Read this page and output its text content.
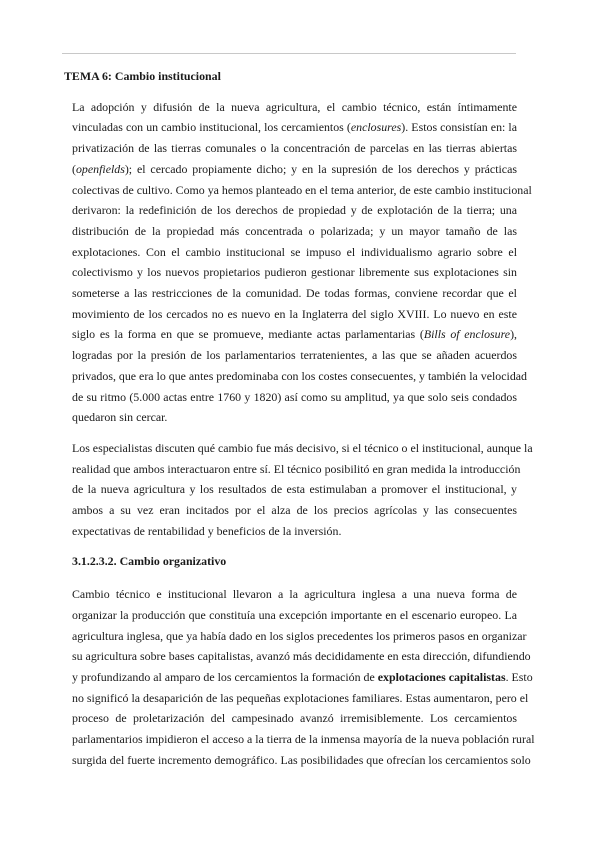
TEMA 6: Cambio institucional
La adopción y difusión de la nueva agricultura, el cambio técnico, están íntimamente
vinculadas con un cambio institucional, los cercamientos (enclosures). Estos consistían en: la
privatización de las tierras comunales o la concentración de parcelas en las tierras abiertas
(openfields); el cercado propiamente dicho; y en la supresión de los derechos y prácticas
colectivas de cultivo. Como ya hemos planteado en el tema anterior, de este cambio institucional
derivaron: la redefinición de los derechos de propiedad y de explotación de la tierra; una
distribución de la propiedad más concentrada o polarizada; y un mayor tamaño de las
explotaciones. Con el cambio institucional se impuso el individualismo agrario sobre el
colectivismo y los nuevos propietarios pudieron gestionar libremente sus explotaciones sin
someterse a las restricciones de la comunidad. De todas formas, conviene recordar que el
movimiento de los cercados no es nuevo en la Inglaterra del siglo XVIII. Lo nuevo en este
siglo es la forma en que se promueve, mediante actas parlamentarias (Bills of enclosure),
logradas por la presión de los parlamentarios terratenientes, a las que se añaden acuerdos
privados, que era lo que antes predominaba con los costes consecuentes, y también la velocidad
de su ritmo (5.000 actas entre 1760 y 1820) así como su amplitud, ya que solo seis condados
quedaron sin cercar.
Los especialistas discuten qué cambio fue más decisivo, si el técnico o el institucional, aunque la
realidad que ambos interactuaron entre sí. El técnico posibilitó en gran medida la introducción
de la nueva agricultura y los resultados de esta estimulaban a promover el institucional, y
ambos a su vez eran incitados por el alza de los precios agrícolas y las consecuentes
expectativas de rentabilidad y beneficios de la inversión.
3.1.2.3.2. Cambio organizativo
Cambio técnico e institucional llevaron a la agricultura inglesa a una nueva forma de
organizar la producción que constituía una excepción importante en el escenario europeo. La
agricultura inglesa, que ya había dado en los siglos precedentes los primeros pasos en organizar
su agricultura sobre bases capitalistas, avanzó más decididamente en esta dirección, difundiendo
y profundizando al amparo de los cercamientos la formación de explotaciones capitalistas. Esto
no significó la desaparición de las pequeñas explotaciones familiares. Estas aumentaron, pero el
proceso de proletarización del campesinado avanzó irremisiblemente. Los cercamientos
parlamentarios impidieron el acceso a la tierra de la inmensa mayoría de la nueva población rural
surgida del fuerte incremento demográfico. Las posibilidades que ofrecían los cercamientos solo
